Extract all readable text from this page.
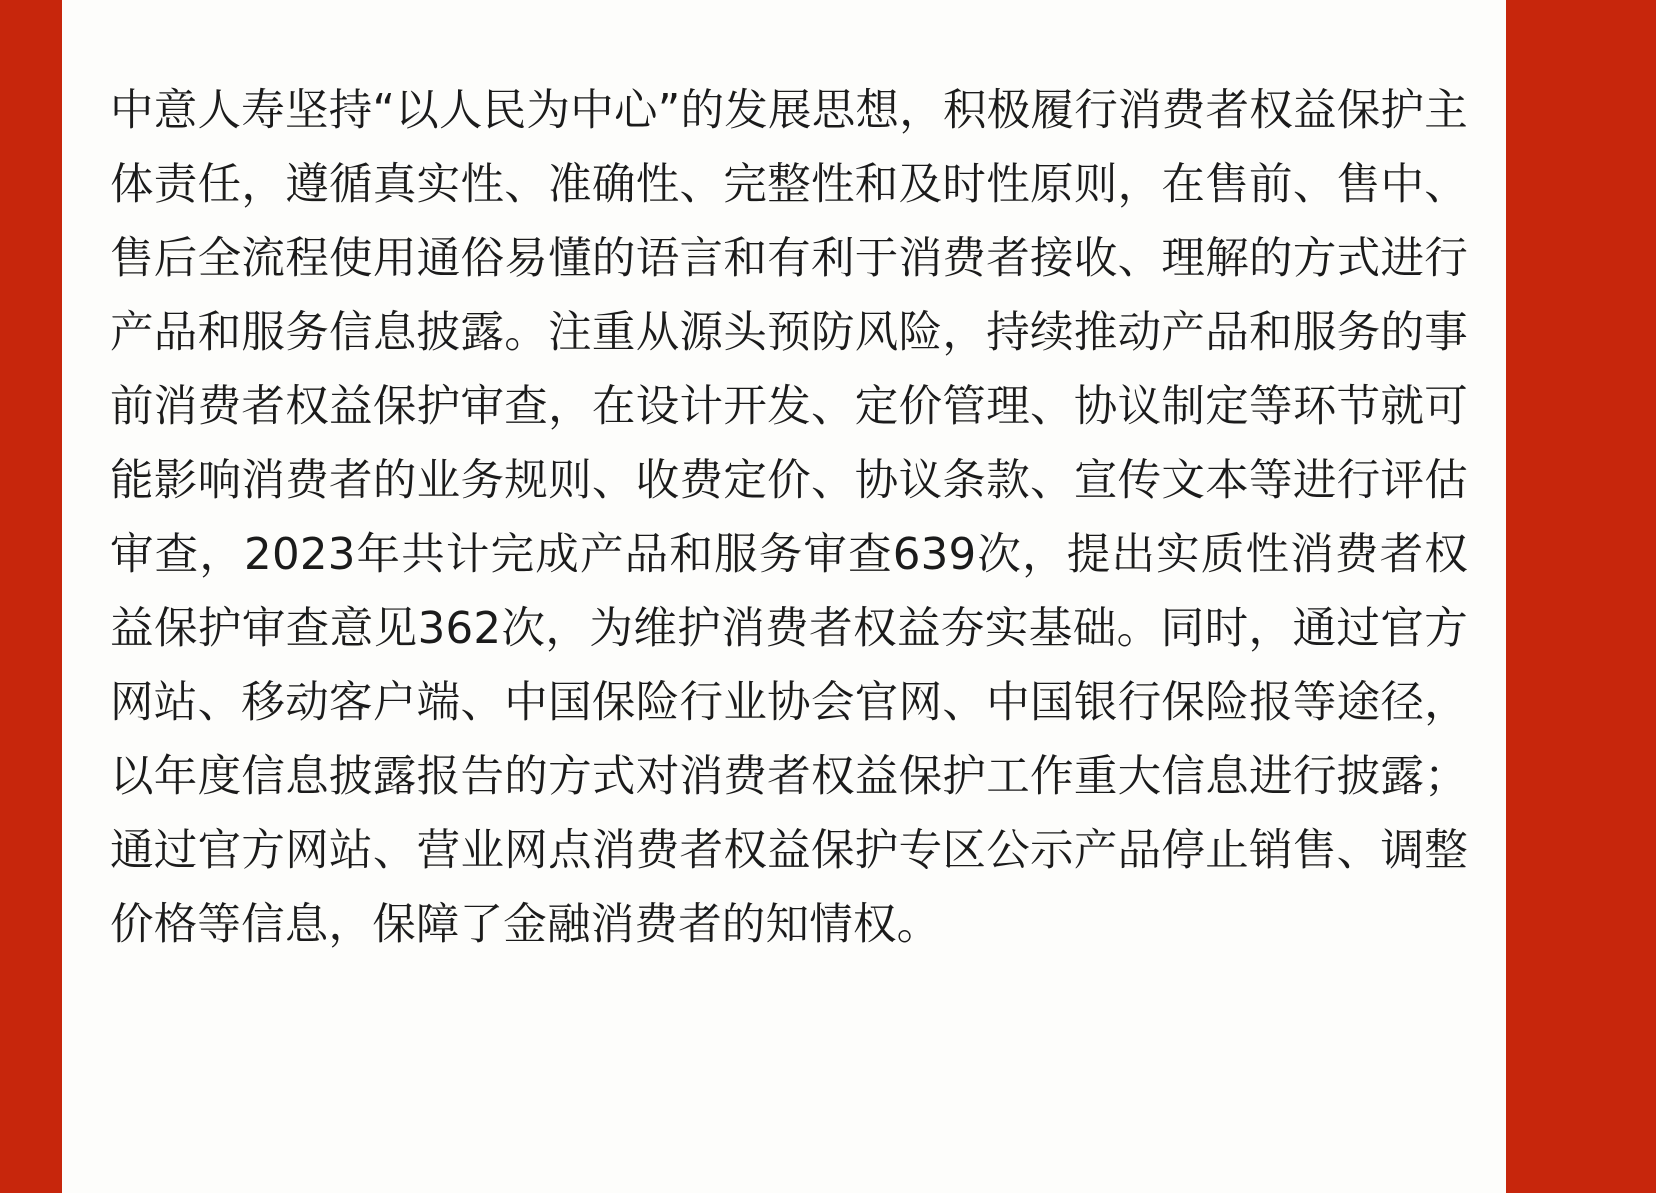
中意人寿坚持“以人民为中心”的发展思想，积极履行消费者权益保护主体责任，遵循真实性、准确性、完整性和及时性原则，在售前、售中、售后全流程使用通俗易懂的语言和有利于消费者接收、理解的方式进行产品和服务信息披露。注重从源头预防风险，持续推动产品和服务的事前消费者权益保护审查，在设计开发、定价管理、协议制定等环节就可能影响消费者的业务规则、收费定价、协议条款、宣传文本等进行评估审查，2023年共计完成产品和服务审查639次，提出实质性消费者权益保护审查意见362次，为维护消费者权益夯实基础。同时，通过官方网站、移动客户端、中国保险行业协会官网、中国银行保险报等途径，以年度信息披露报告的方式对消费者权益保护工作重大信息进行披露；通过官方网站、营业网点消费者权益保护专区公示产品停止销售、调整价格等信息，保障了金融消费者的知情权。
